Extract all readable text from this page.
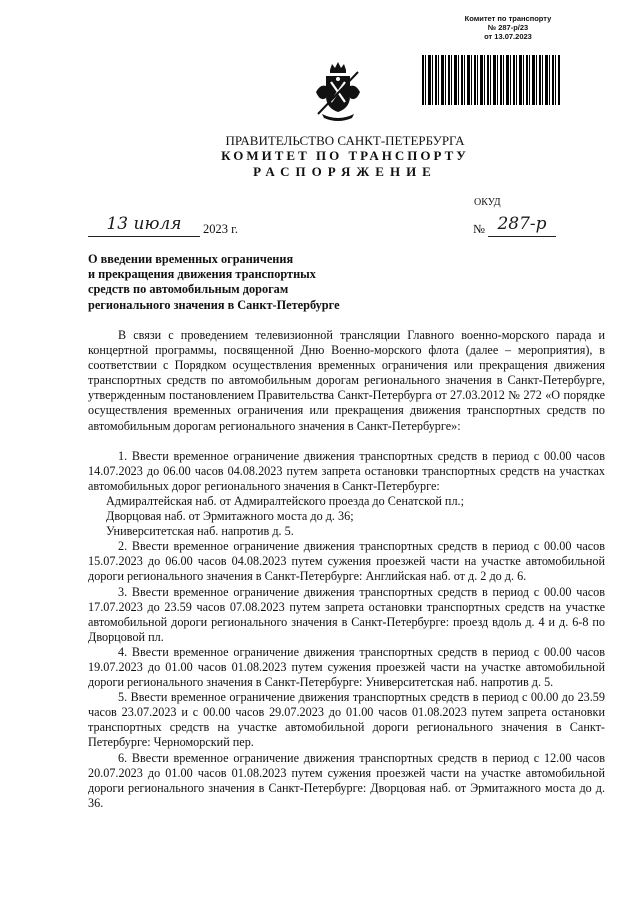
Комитет по транспорту
№ 287-р/23
от 13.07.2023
ПРАВИТЕЛЬСТВО САНКТ-ПЕТЕРБУРГА
КОМИТЕТ ПО ТРАНСПОРТУ
РАСПОРЯЖЕНИЕ
ОКУД
13 июля	2023 г.	№ 287-р
О введении временных ограничения
и прекращения движения транспортных
средств по автомобильным дорогам
регионального значения в Санкт-Петербурге

В связи с проведением телевизионной трансляции Главного военно-морского парада и концертной программы, посвященной Дню Военно-морского флота (далее – мероприятия), в соответствии с Порядком осуществления временных ограничения или прекращения движения транспортных средств по автомобильным дорогам регионального значения в Санкт-Петербурге, утвержденным постановлением Правительства Санкт-Петербурга от 27.03.2012 № 272 «О порядке осуществления временных ограничения или прекращения движения транспортных средств по автомобильным дорогам регионального значения в Санкт-Петербурге»:

1. Ввести временное ограничение движения транспортных средств в период с 00.00 часов 14.07.2023 до 06.00 часов 04.08.2023 путем запрета остановки транспортных средств на участках автомобильных дорог регионального значения в Санкт-Петербурге:

Адмиралтейская наб. от Адмиралтейского проезда до Сенатской пл.;

Дворцовая наб. от Эрмитажного моста до д. 36;

Университетская наб. напротив д. 5.

2. Ввести временное ограничение движения транспортных средств в период с 00.00 часов 15.07.2023 до 06.00 часов 04.08.2023 путем сужения проезжей части на участке автомобильной дороги регионального значения в Санкт-Петербурге: Английская наб. от д. 2 до д. 6.

3. Ввести временное ограничение движения транспортных средств в период с 00.00 часов 17.07.2023 до 23.59 часов 07.08.2023 путем запрета остановки транспортных средств на участке автомобильной дороги регионального значения в Санкт-Петербурге: проезд вдоль д. 4 и д. 6-8 по Дворцовой пл.

4. Ввести временное ограничение движения транспортных средств в период с 00.00 часов 19.07.2023 до 01.00 часов 01.08.2023 путем сужения проезжей части на участке автомобильной дороги регионального значения в Санкт-Петербурге: Университетская наб. напротив д. 5.

5. Ввести временное ограничение движения транспортных средств в период с 00.00 до 23.59 часов 23.07.2023 и с 00.00 часов 29.07.2023 до 01.00 часов 01.08.2023 путем запрета остановки транспортных средств на участке автомобильной дороги регионального значения в Санкт-Петербурге: Черноморский пер.

6. Ввести временное ограничение движения транспортных средств в период с 12.00 часов 20.07.2023 до 01.00 часов 01.08.2023 путем сужения проезжей части на участке автомобильной дороги регионального значения в Санкт-Петербурге: Дворцовая наб. от Эрмитажного моста до д. 36.
